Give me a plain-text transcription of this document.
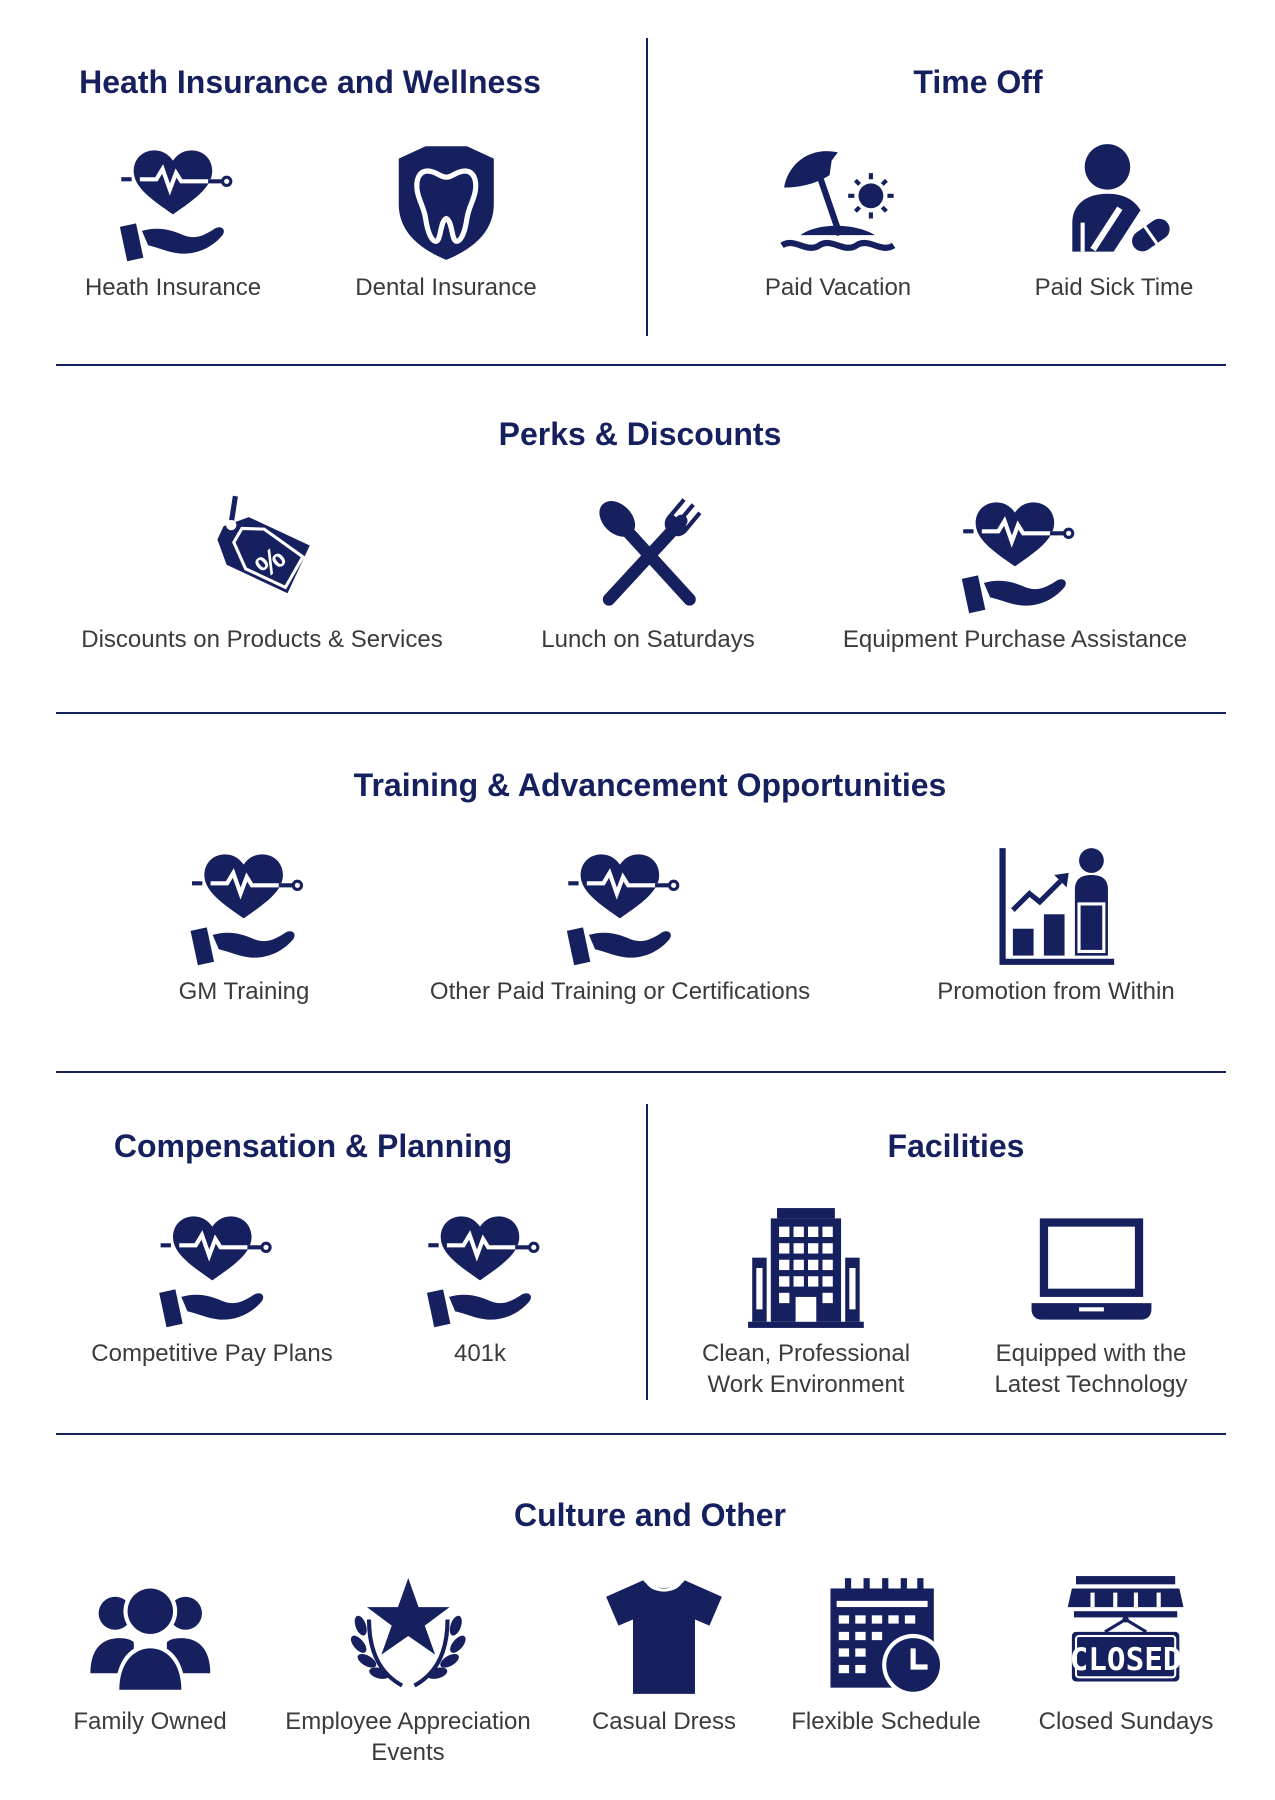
Heath Insurance and Wellness
Heath Insurance	Dental Insurance
Time Off
Paid Vacation	Paid Sick Time
Perks & Discounts
%
Discounts on Products & Services	Lunch on Saturdays	Equipment Purchase Assistance
Training & Advancement Opportunities
GM Training	Other Paid Training or Certifications	Promotion from Within
Compensation & Planning
Competitive Pay Plans	401k
Facilities
Clean, Professional
Work Environment
Equipped with the
Latest Technology
Culture and Other
Family Owned Employee Appreciation
Events
Casual Dress Flexible Schedule
CLOSED
Closed Sundays
